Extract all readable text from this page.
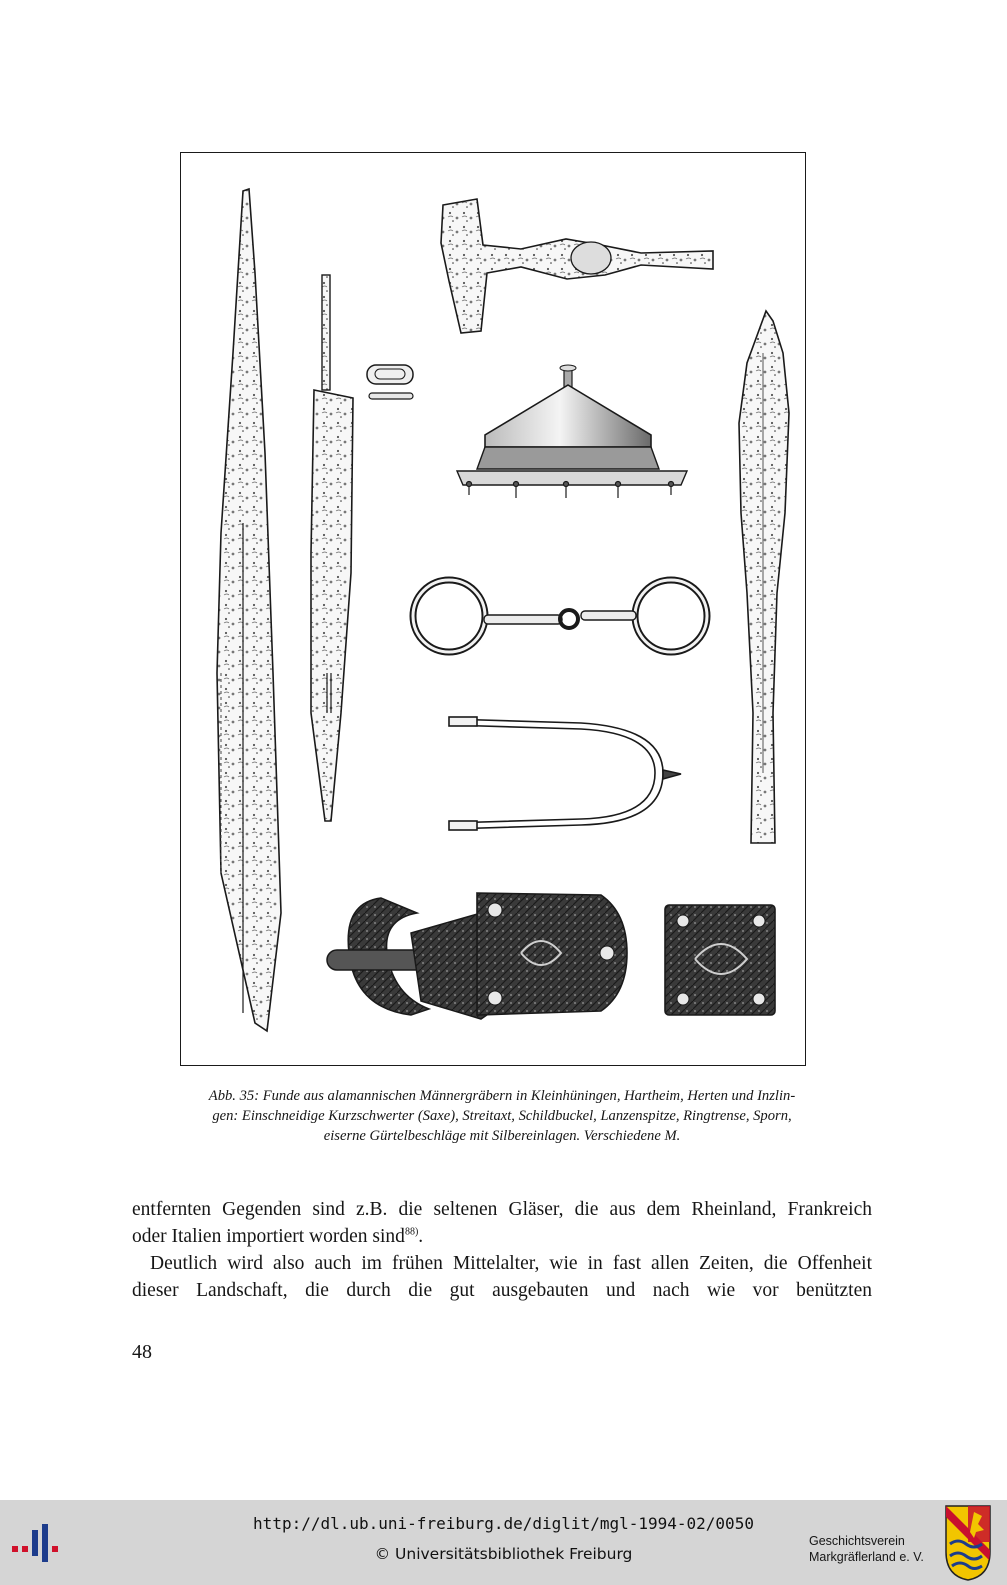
Abb. 35: Funde aus alamannischen Männergräbern in Kleinhüningen, Hartheim, Herten und Inzlin-
gen: Einschneidige Kurzschwerter (Saxe), Streitaxt, Schildbuckel, Lanzenspitze, Ringtrense, Sporn,
eiserne Gürtelbeschläge mit Silbereinlagen. Verschiedene M.
entfernten Gegenden sind z.B. die seltenen Gläser, die aus dem Rheinland, Frankreich
oder Italien importiert worden sind$^{88)}$.
Deutlich wird also auch im frühen Mittelalter, wie in fast allen Zeiten, die Offenheit
dieser Landschaft, die durch die gut ausgebauten und nach wie vor benützten
48
http://dl.ub.uni-freiburg.de/diglit/mgl-1994-02/0050
© Universitätsbibliothek Freiburg
Geschichtsverein
Markgräflerland e. V.
